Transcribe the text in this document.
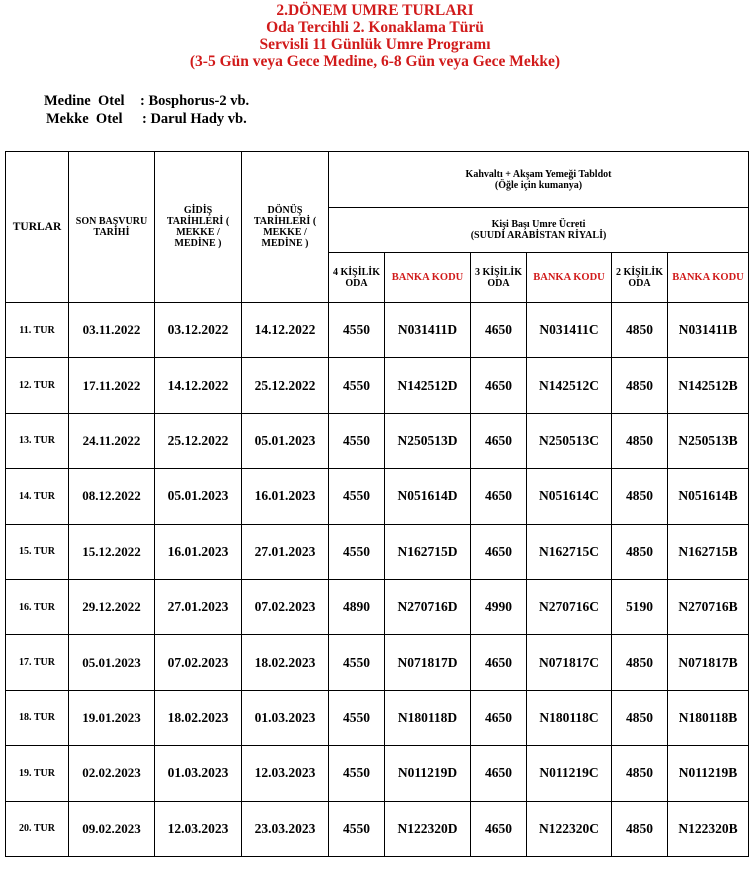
2.DÖNEM UMRE TURLARI
Oda Tercihli 2. Konaklama Türü
Servisli 11 Günlük Umre Programı
(3-5 Gün veya Gece Medine, 6-8 Gün veya Gece Mekke)
Medine  Otel	: Bosphorus-2 vb.
Mekke  Otel	: Darul Hady vb.
TURLAR	SON BAŞVURU TARİHİ	GİDİŞ TARİHLERİ ( MEKKE / MEDİNE )	DÖNÜŞ TARİHLERİ ( MEKKE / MEDİNE )	Kahvaltı + Akşam Yemeği Tabldot
(Öğle için kumanya)					

				Kişi Başı Umre Ücreti
(SUUDİ ARABİSTAN RİYALİ)					

				4 KİŞİLİK ODA	BANKA KODU	3 KİŞİLİK ODA	BANKA KODU	2 KİŞİLİK ODA	BANKA KODU
11. TUR	03.11.2022	03.12.2022	14.12.2022	4550	N031411D	4650	N031411C	4850	N031411B
12. TUR	17.11.2022	14.12.2022	25.12.2022	4550	N142512D	4650	N142512C	4850	N142512B
13. TUR	24.11.2022	25.12.2022	05.01.2023	4550	N250513D	4650	N250513C	4850	N250513B
14. TUR	08.12.2022	05.01.2023	16.01.2023	4550	N051614D	4650	N051614C	4850	N051614B
15. TUR	15.12.2022	16.01.2023	27.01.2023	4550	N162715D	4650	N162715C	4850	N162715B
16. TUR	29.12.2022	27.01.2023	07.02.2023	4890	N270716D	4990	N270716C	5190	N270716B
17. TUR	05.01.2023	07.02.2023	18.02.2023	4550	N071817D	4650	N071817C	4850	N071817B
18. TUR	19.01.2023	18.02.2023	01.03.2023	4550	N180118D	4650	N180118C	4850	N180118B
19. TUR	02.02.2023	01.03.2023	12.03.2023	4550	N011219D	4650	N011219C	4850	N011219B
20. TUR	09.02.2023	12.03.2023	23.03.2023	4550	N122320D	4650	N122320C	4850	N122320B
